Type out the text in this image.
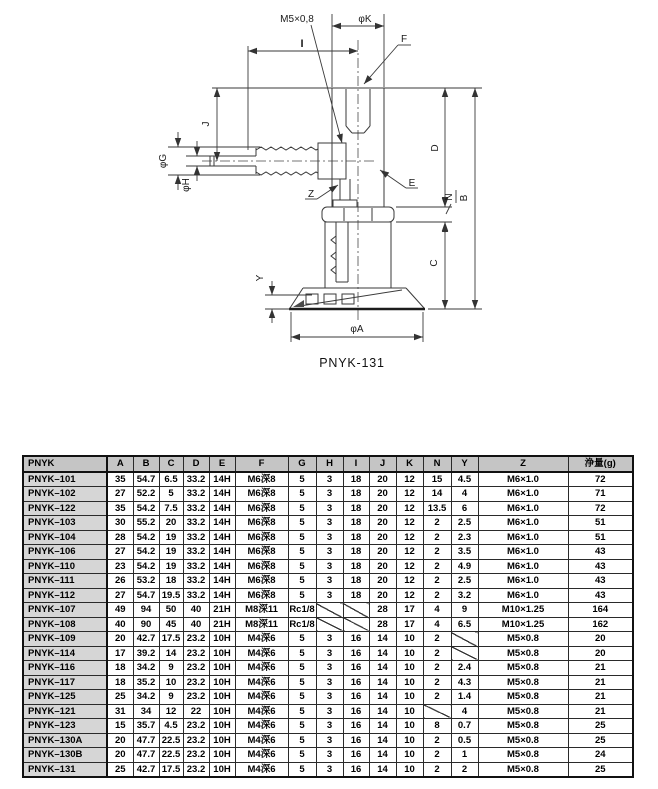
M5×0,8	φK
F
I
J
φG
φH
Z
E
D
N B
C
Y
φA
PNYK-131
PNYK	A	B	C	D	E	F	G	H	I	J	K	N	Y	Z	浄量(g)
PNYK–101	35	54.7	6.5	33.2	14H	M6深8	5	3	18	20	12	15	4.5	M6×1.0	72
PNYK–102	27	52.2	5	33.2	14H	M6深8	5	3	18	20	12	14	4	M6×1.0	71
PNYK–122	35	54.2	7.5	33.2	14H	M6深8	5	3	18	20	12	13.5	6	M6×1.0	72
PNYK–103	30	55.2	20	33.2	14H	M6深8	5	3	18	20	12	2	2.5	M6×1.0	51
PNYK–104	28	54.2	19	33.2	14H	M6深8	5	3	18	20	12	2	2.3	M6×1.0	51
PNYK–106	27	54.2	19	33.2	14H	M6深8	5	3	18	20	12	2	3.5	M6×1.0	43
PNYK–110	23	54.2	19	33.2	14H	M6深8	5	3	18	20	12	2	4.9	M6×1.0	43
PNYK–111	26	53.2	18	33.2	14H	M6深8	5	3	18	20	12	2	2.5	M6×1.0	43
PNYK–112	27	54.7	19.5	33.2	14H	M6深8	5	3	18	20	12	2	3.2	M6×1.0	43
PNYK–107	49	94	50	40	21H	M8深11	Rc1/8			28	17	4	9	M10×1.25	164
PNYK–108	40	90	45	40	21H	M8深11	Rc1/8			28	17	4	6.5	M10×1.25	162
PNYK–109	20	42.7	17.5	23.2	10H	M4深6	5	3	16	14	10	2		M5×0.8	20
PNYK–114	17	39.2	14	23.2	10H	M4深6	5	3	16	14	10	2		M5×0.8	20
PNYK–116	18	34.2	9	23.2	10H	M4深6	5	3	16	14	10	2	2.4	M5×0.8	21
PNYK–117	18	35.2	10	23.2	10H	M4深6	5	3	16	14	10	2	4.3	M5×0.8	21
PNYK–125	25	34.2	9	23.2	10H	M4深6	5	3	16	14	10	2	1.4	M5×0.8	21
PNYK–121	31	34	12	22	10H	M4深6	5	3	16	14	10		4	M5×0.8	21
PNYK–123	15	35.7	4.5	23.2	10H	M4深6	5	3	16	14	10	8	0.7	M5×0.8	25
PNYK–130A	20	47.7	22.5	23.2	10H	M4深6	5	3	16	14	10	2	0.5	M5×0.8	25
PNYK–130B	20	47.7	22.5	23.2	10H	M4深6	5	3	16	14	10	2	1	M5×0.8	24
PNYK–131	25	42.7	17.5	23.2	10H	M4深6	5	3	16	14	10	2	2	M5×0.8	25
